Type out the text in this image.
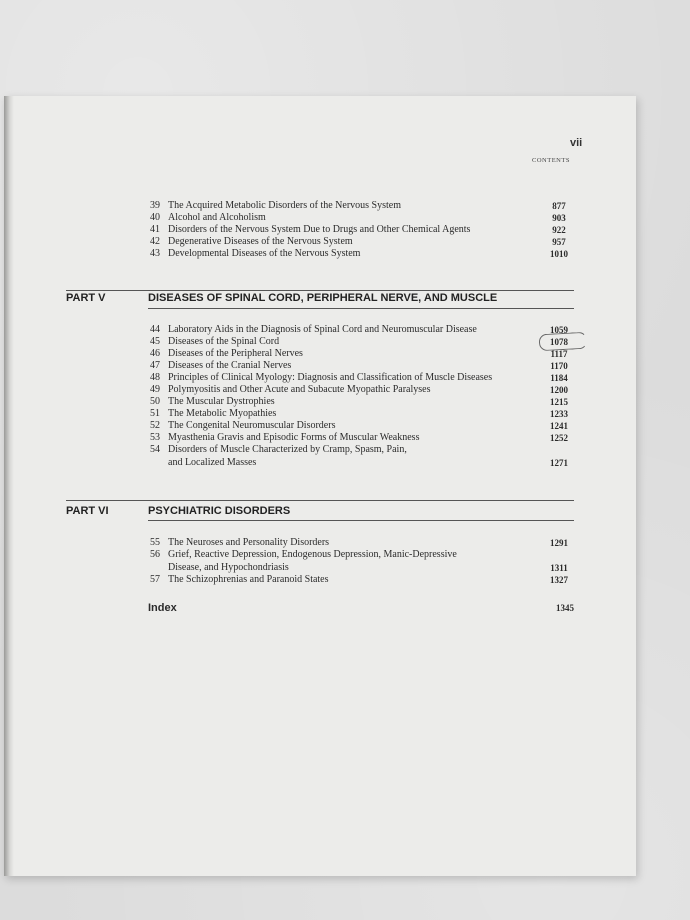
vii
CONTENTS
39 The Acquired Metabolic Disorders of the Nervous System	877
40 Alcohol and Alcoholism	903
41 Disorders of the Nervous System Due to Drugs and Other Chemical Agents	922
42 Degenerative Diseases of the Nervous System	957
43 Developmental Diseases of the Nervous System	1010
PART V	DISEASES OF SPINAL CORD, PERIPHERAL NERVE, AND MUSCLE
44 Laboratory Aids in the Diagnosis of Spinal Cord and Neuromuscular Disease	1059
45 Diseases of the Spinal Cord	1078
46 Diseases of the Peripheral Nerves	1117
47 Diseases of the Cranial Nerves	1170
48 Principles of Clinical Myology: Diagnosis and Classification of Muscle Diseases	1184
49 Polymyositis and Other Acute and Subacute Myopathic Paralyses	1200
50 The Muscular Dystrophies	1215
51 The Metabolic Myopathies	1233
52 The Congenital Neuromuscular Disorders	1241
53 Myasthenia Gravis and Episodic Forms of Muscular Weakness	1252
54 Disorders of Muscle Characterized by Cramp, Spasm, Pain,
and Localized Masses	1271
PART VI	PSYCHIATRIC DISORDERS
55 The Neuroses and Personality Disorders	1291
56 Grief, Reactive Depression, Endogenous Depression, Manic-Depressive
Disease, and Hypochondriasis	1311
57 The Schizophrenias and Paranoid States	1327
Index	1345
